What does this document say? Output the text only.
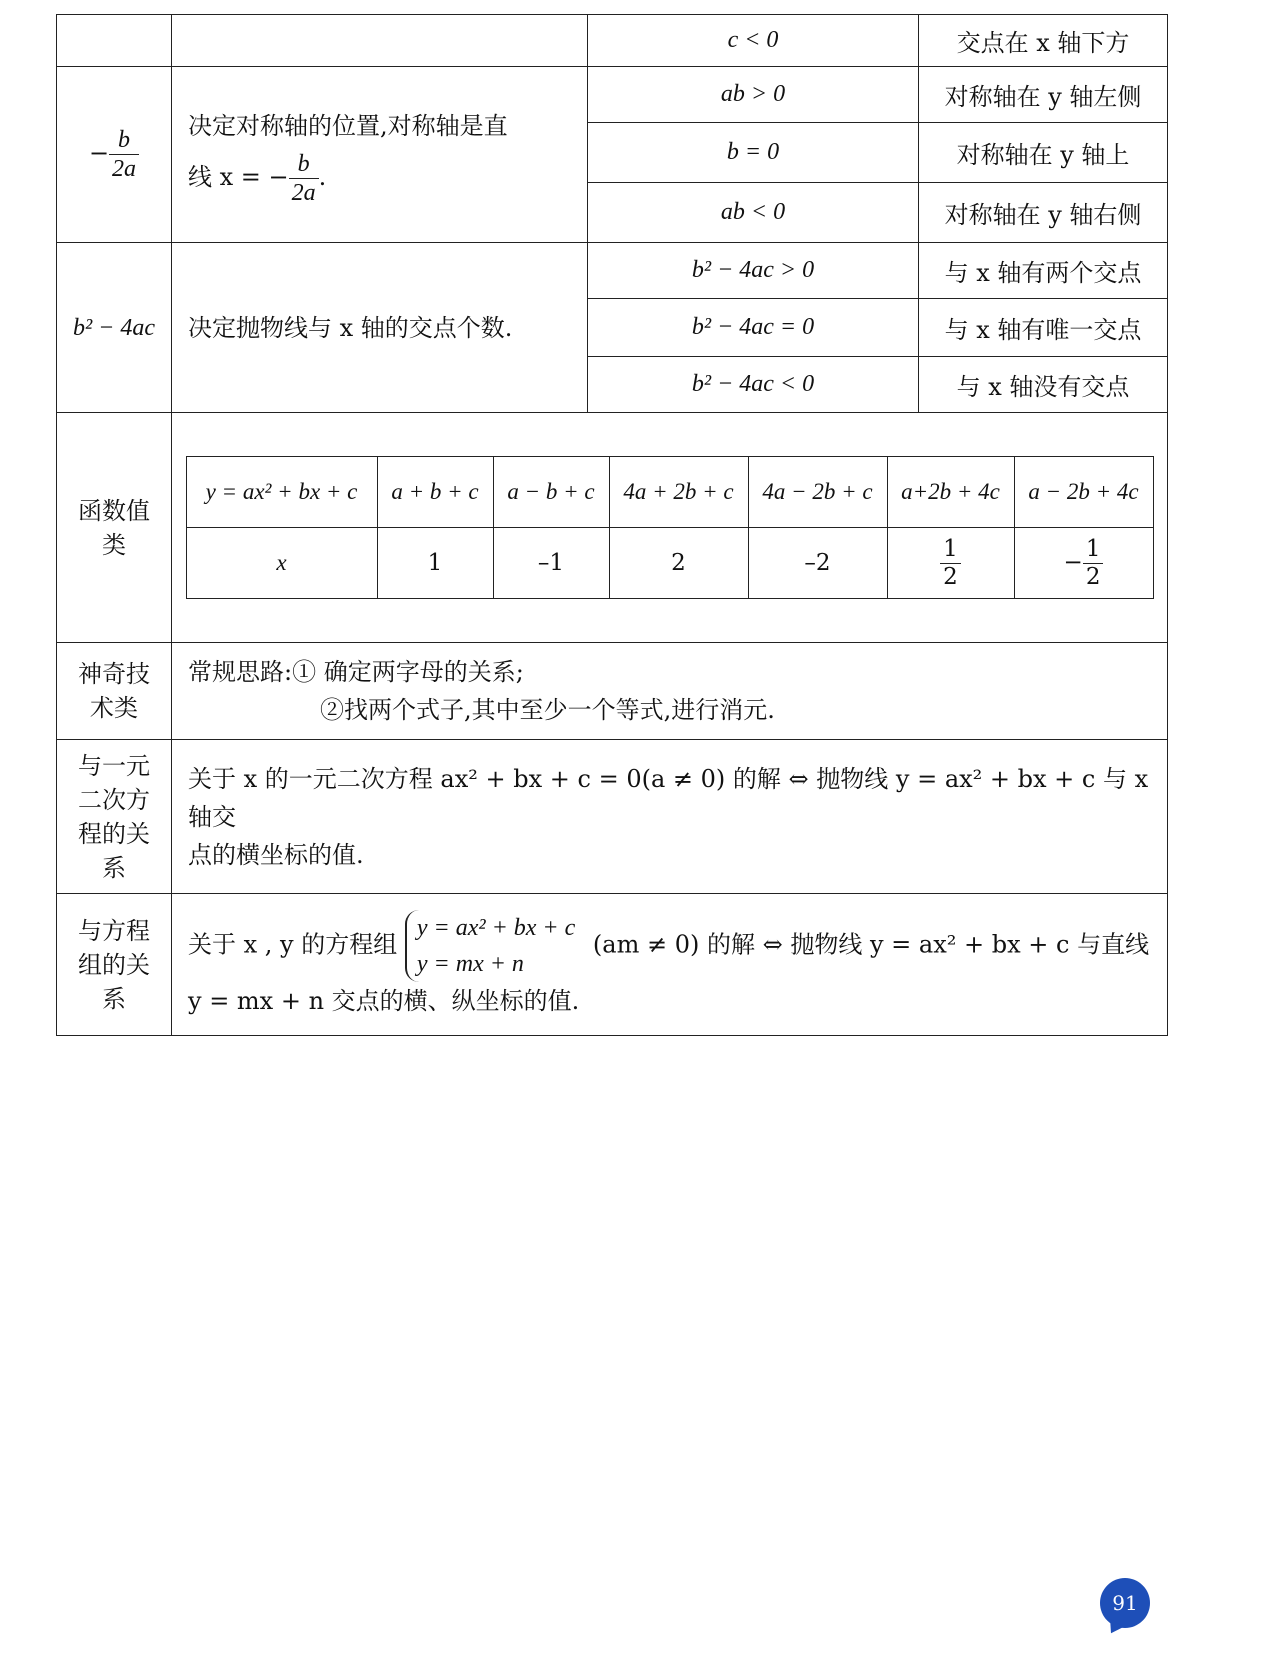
		c < 0	交点在 x 轴下方
− $\frac{b}{2a}$	决定对称轴的位置,对称轴是直
线 x = − $\frac{b}{2a}$ .
	ab > 0	对称轴在 y 轴左侧
b = 0	对称轴在 y 轴上
ab < 0	对称轴在 y 轴右侧
b² − 4ac	决定抛物线与 x 轴的交点个数.	b² − 4ac > 0	与 x 轴有两个交点
b² − 4ac = 0	与 x 轴有唯一交点
b² − 4ac < 0	与 x 轴没有交点
函数值类	
y = ax² + bx + c	a + b + c	a − b + c	4a + 2b + c	4a − 2b + c	a+2b + 4c	a − 2b + 4c
x	1	–1	2	–2	$\frac{1}{2}$	− $\frac{1}{2}$

神奇技术类	
常规思路:① 确定两字母的关系;
②找两个式子,其中至少一个等式,进行消元.

与一元二次方程的关系	
关于 x 的一元二次方程 ax² + bx + c = 0(a ≠ 0) 的解 ⇔ 抛物线 y = ax² + bx + c 与 x 轴交
点的横坐标的值.

与方程组的关系	
关于 x , y 的方程组
y = ax² + bx + c
y = mx + n
(am ≠ 0) 的解 ⇔ 抛物线 y = ax² + bx + c 与直线
y = mx + n 交点的横、纵坐标的值.
91
